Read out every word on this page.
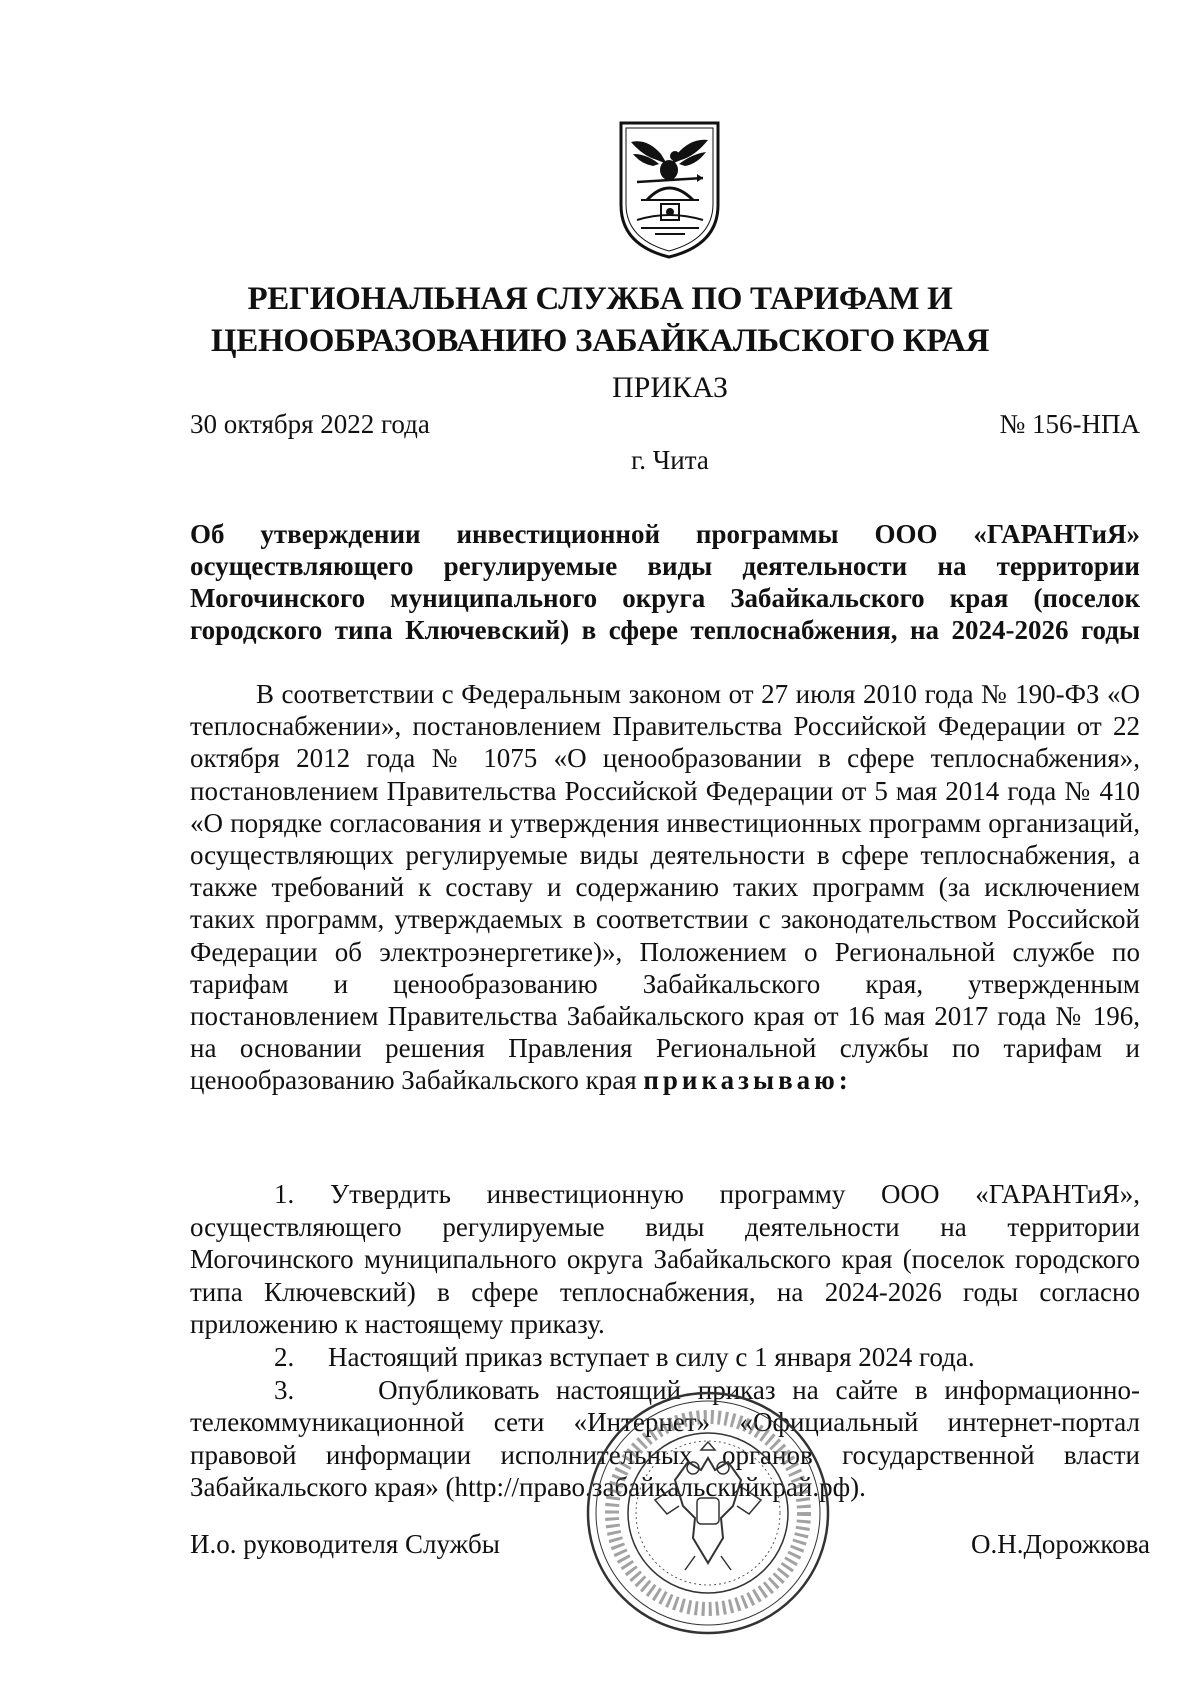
РЕГИОНАЛЬНАЯ СЛУЖБА ПО ТАРИФАМ И
ЦЕНООБРАЗОВАНИЮ ЗАБАЙКАЛЬСКОГО КРАЯ
ПРИКАЗ
30 октября 2022 года	№ 156-НПА
г. Чита
Об утверждении инвестиционной программы ООО «ГАРАНТиЯ»
осуществляющего регулируемые виды деятельности на территории
Могочинского муниципального округа Забайкальского края (поселок
городского типа Ключевский) в сфере теплоснабжения, на 2024-2026 годы

В соответствии с Федеральным законом от 27 июля 2010 года № 190-ФЗ «О теплоснабжении», постановлением Правительства Российской Федерации от 22 октября 2012 года № 1075 «О ценообразовании в сфере теплоснабжения», постановлением Правительства Российской Федерации от 5 мая 2014 года № 410 «О порядке согласования и утверждения инвестиционных программ организаций, осуществляющих регулируемые виды деятельности в сфере теплоснабжения, а также требований к составу и содержанию таких программ (за исключением таких программ, утверждаемых в соответствии с законодательством Российской Федерации об электроэнергетике)», Положением о Региональной службе по тарифам и ценообразованию Забайкальского края, утвержденным постановлением Правительства Забайкальского края от 16 мая 2017 года № 196, на основании решения Правления Региональной службы по тарифам и ценообразованию Забайкальского края приказываю:

1. Утвердить инвестиционную программу ООО «ГАРАНТиЯ», осуществляющего регулируемые виды деятельности на территории Могочинского муниципального округа Забайкальского края (поселок городского типа Ключевский) в сфере теплоснабжения, на 2024-2026 годы согласно приложению к настоящему приказу.

2. Настоящий приказ вступает в силу с 1 января 2024 года.

3.	Опубликовать настоящий приказ на сайте в информационно-телекоммуникационной сети «Интернет» «Официальный интернет-портал правовой информации исполнительных органов государственной власти Забайкальского края» (http://право.забайкальскийкрай.рф).

И.о. руководителя Службы	О.Н.Дорожкова
